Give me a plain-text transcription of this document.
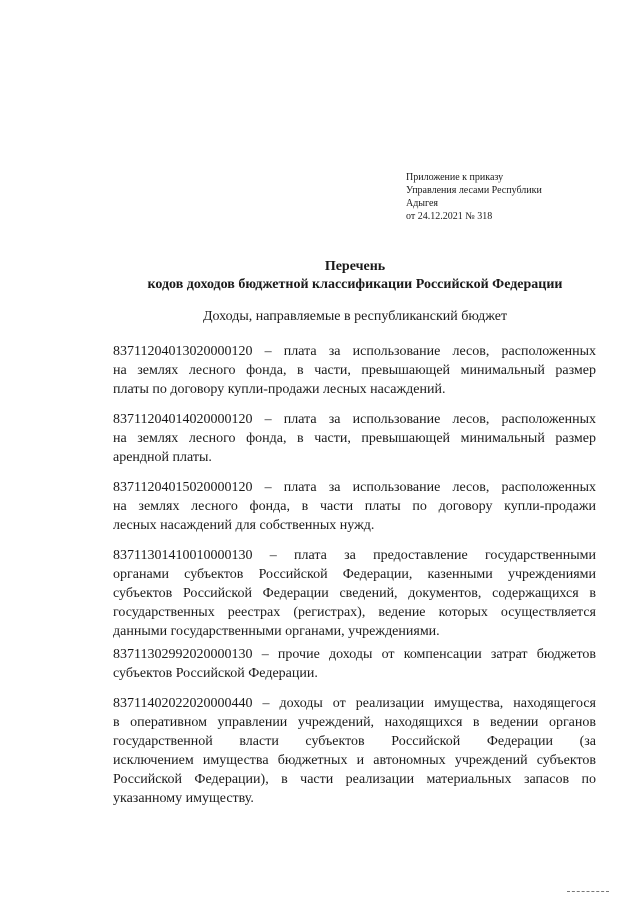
Приложение к приказу
Управления лесами Республики
Адыгея
от 24.12.2021 № 318
Перечень
кодов доходов бюджетной классификации Российской Федерации
Доходы, направляемые в республиканский бюджет
83711204013020000120 – плата за использование лесов, расположенных
на землях лесного фонда, в части, превышающей минимальный размер
платы по договору купли-продажи лесных насаждений.
83711204014020000120 – плата за использование лесов, расположенных
на землях лесного фонда, в части, превышающей минимальный размер
арендной платы.
83711204015020000120 – плата за использование лесов, расположенных
на землях лесного фонда, в части платы по договору купли-продажи
лесных насаждений для собственных нужд.
83711301410010000130 – плата за предоставление государственными
органами субъектов Российской Федерации, казенными учреждениями
субъектов Российской Федерации сведений, документов, содержащихся в
государственных реестрах (регистрах), ведение которых осуществляется
данными государственными органами, учреждениями.
83711302992020000130 – прочие доходы от компенсации затрат бюджетов
субъектов Российской Федерации.
83711402022020000440 – доходы от реализации имущества, находящегося
в оперативном управлении учреждений, находящихся в ведении органов
государственной власти субъектов Российской Федерации (за
исключением имущества бюджетных и автономных учреждений субъектов
Российской Федерации), в части реализации материальных запасов по
указанному имуществу.
